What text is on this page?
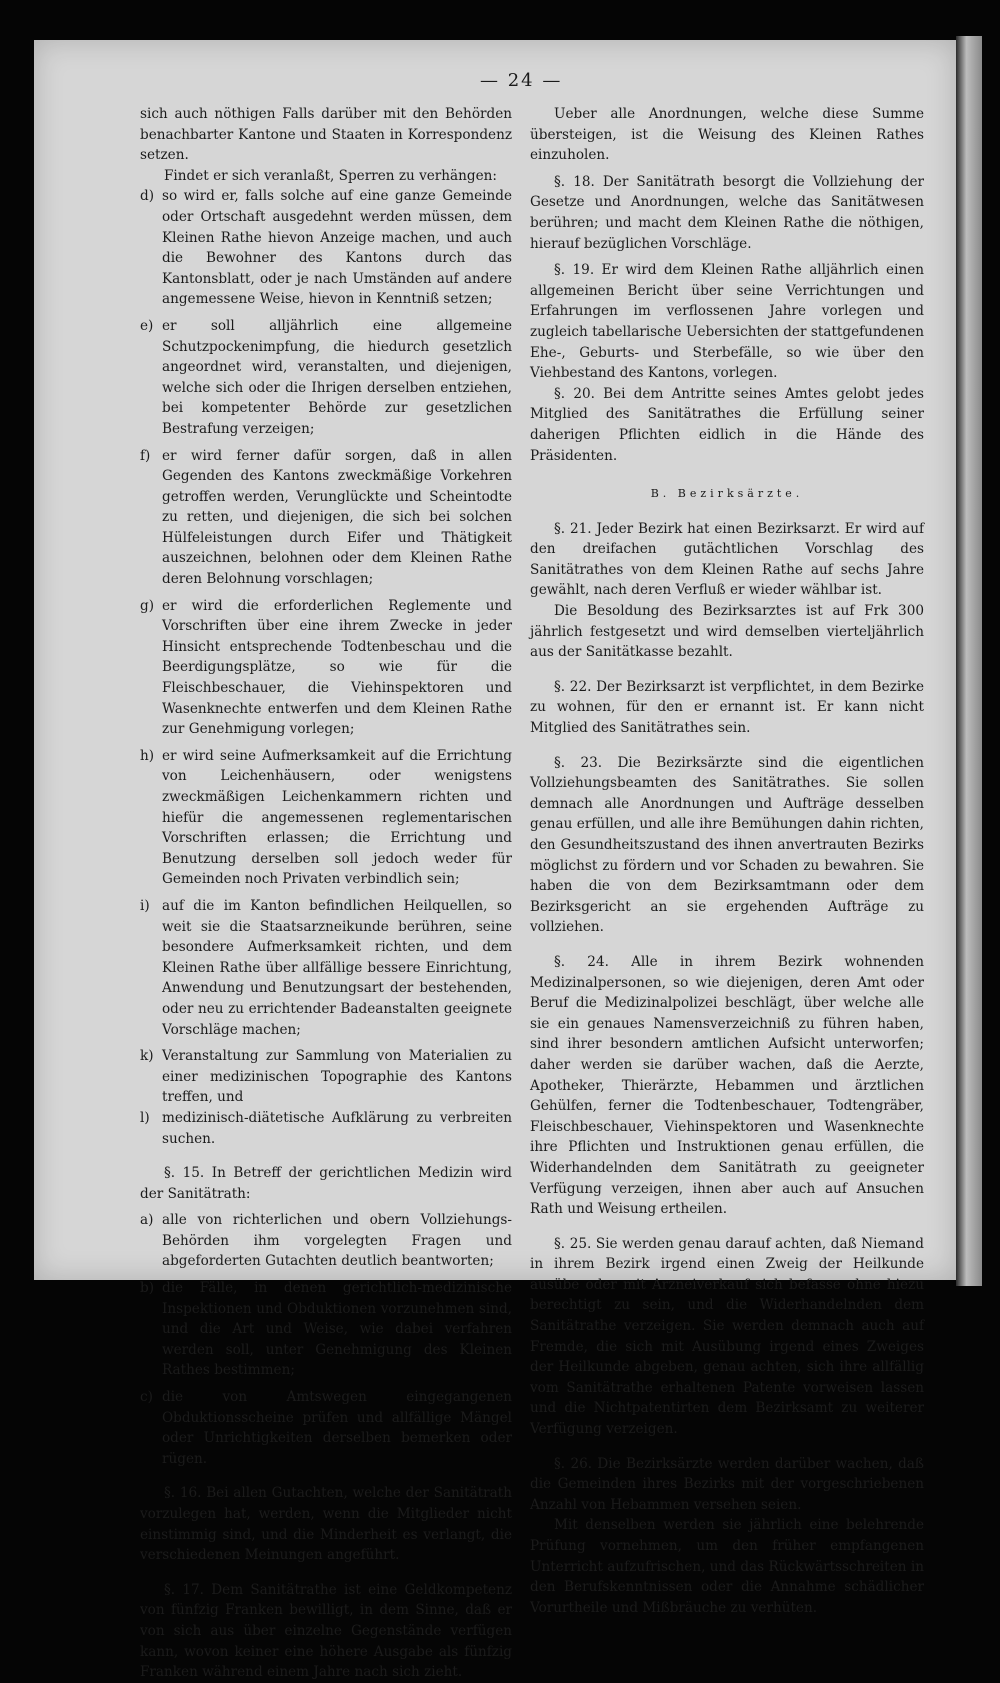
— 24 —

sich auch nöthigen Falls darüber mit den Behörden benachbarter Kantone und Staaten in Korrespondenz setzen.

Findet er sich veranlaßt, Sperren zu verhängen:

d) so wird er, falls solche auf eine ganze Gemeinde oder Ortschaft ausgedehnt werden müssen, dem Kleinen Rathe hievon Anzeige machen, und auch die Bewohner des Kantons durch das Kantonsblatt, oder je nach Umständen auf andere angemessene Weise, hievon in Kenntniß setzen;
e) er soll alljährlich eine allgemeine Schutzpockenimpfung, die hiedurch gesetzlich angeordnet wird, veranstalten, und diejenigen, welche sich oder die Ihrigen derselben entziehen, bei kompetenter Behörde zur gesetzlichen Bestrafung verzeigen;
f) er wird ferner dafür sorgen, daß in allen Gegenden des Kantons zweckmäßige Vorkehren getroffen werden, Verunglückte und Scheintodte zu retten, und diejenigen, die sich bei solchen Hülfeleistungen durch Eifer und Thätigkeit auszeichnen, belohnen oder dem Kleinen Rathe deren Belohnung vorschlagen;
g) er wird die erforderlichen Reglemente und Vorschriften über eine ihrem Zwecke in jeder Hinsicht entsprechende Todtenbeschau und die Beerdigungsplätze, so wie für die Fleischbeschauer, die Viehinspektoren und Wasenknechte entwerfen und dem Kleinen Rathe zur Genehmigung vorlegen;
h) er wird seine Aufmerksamkeit auf die Errichtung von Leichenhäusern, oder wenigstens zweckmäßigen Leichenkammern richten und hiefür die angemessenen reglementarischen Vorschriften erlassen; die Errichtung und Benutzung derselben soll jedoch weder für Gemeinden noch Privaten verbindlich sein;
i) auf die im Kanton befindlichen Heilquellen, so weit sie die Staatsarzneikunde berühren, seine besondere Aufmerksamkeit richten, und dem Kleinen Rathe über allfällige bessere Einrichtung, Anwendung und Benutzungsart der bestehenden, oder neu zu errichtender Badeanstalten geeignete Vorschläge machen;
k) Veranstaltung zur Sammlung von Materialien zu einer medizinischen Topographie des Kantons treffen, und
l) medizinisch-diätetische Aufklärung zu verbreiten suchen.

§. 15. In Betreff der gerichtlichen Medizin wird der Sanitätrath:

a) alle von richterlichen und obern Vollziehungs-Behörden ihm vorgelegten Fragen und abgeforderten Gutachten deutlich beantworten;
b) die Fälle, in denen gerichtlich-medizinische Inspektionen und Obduktionen vorzunehmen sind, und die Art und Weise, wie dabei verfahren werden soll, unter Genehmigung des Kleinen Rathes bestimmen;
c) die von Amtswegen eingegangenen Obduktionsscheine prüfen und allfällige Mängel oder Unrichtigkeiten derselben bemerken oder rügen.

§. 16. Bei allen Gutachten, welche der Sanitätrath vorzulegen hat, werden, wenn die Mitglieder nicht einstimmig sind, und die Minderheit es verlangt, die verschiedenen Meinungen angeführt.

§. 17. Dem Sanitätrathe ist eine Geldkompetenz von fünfzig Franken bewilligt, in dem Sinne, daß er von sich aus über einzelne Gegenstände verfügen kann, wovon keiner eine höhere Ausgabe als fünfzig Franken während einem Jahre nach sich zieht.

Ueber alle Anordnungen, welche diese Summe übersteigen, ist die Weisung des Kleinen Rathes einzuholen.

§. 18. Der Sanitätrath besorgt die Vollziehung der Gesetze und Anordnungen, welche das Sanitätwesen berühren; und macht dem Kleinen Rathe die nöthigen, hierauf bezüglichen Vorschläge.

§. 19. Er wird dem Kleinen Rathe alljährlich einen allgemeinen Bericht über seine Verrichtungen und Erfahrungen im verflossenen Jahre vorlegen und zugleich tabellarische Uebersichten der stattgefundenen Ehe-, Geburts- und Sterbefälle, so wie über den Viehbestand des Kantons, vorlegen.

§. 20. Bei dem Antritte seines Amtes gelobt jedes Mitglied des Sanitätrathes die Erfüllung seiner daherigen Pflichten eidlich in die Hände des Präsidenten.

B. Bezirksärzte.

§. 21. Jeder Bezirk hat einen Bezirksarzt. Er wird auf den dreifachen gutächtlichen Vorschlag des Sanitätrathes von dem Kleinen Rathe auf sechs Jahre gewählt, nach deren Verfluß er wieder wählbar ist.

Die Besoldung des Bezirksarztes ist auf Frk 300 jährlich festgesetzt und wird demselben vierteljährlich aus der Sanitätkasse bezahlt.

§. 22. Der Bezirksarzt ist verpflichtet, in dem Bezirke zu wohnen, für den er ernannt ist. Er kann nicht Mitglied des Sanitätrathes sein.

§. 23. Die Bezirksärzte sind die eigentlichen Vollziehungsbeamten des Sanitätrathes. Sie sollen demnach alle Anordnungen und Aufträge desselben genau erfüllen, und alle ihre Bemühungen dahin richten, den Gesundheitszustand des ihnen anvertrauten Bezirks möglichst zu fördern und vor Schaden zu bewahren. Sie haben die von dem Bezirksamtmann oder dem Bezirksgericht an sie ergehenden Aufträge zu vollziehen.

§. 24. Alle in ihrem Bezirk wohnenden Medizinalpersonen, so wie diejenigen, deren Amt oder Beruf die Medizinalpolizei beschlägt, über welche alle sie ein genaues Namensverzeichniß zu führen haben, sind ihrer besondern amtlichen Aufsicht unterworfen; daher werden sie darüber wachen, daß die Aerzte, Apotheker, Thierärzte, Hebammen und ärztlichen Gehülfen, ferner die Todtenbeschauer, Todtengräber, Fleischbeschauer, Viehinspektoren und Wasenknechte ihre Pflichten und Instruktionen genau erfüllen, die Widerhandelnden dem Sanitätrath zu geeigneter Verfügung verzeigen, ihnen aber auch auf Ansuchen Rath und Weisung ertheilen.

§. 25. Sie werden genau darauf achten, daß Niemand in ihrem Bezirk irgend einen Zweig der Heilkunde ausübe oder mit Arzneiverkauf sich befasse ohne hiezu berechtigt zu sein, und die Widerhandelnden dem Sanitätrathe verzeigen. Sie werden demnach auch auf Fremde, die sich mit Ausübung irgend eines Zweiges der Heilkunde abgeben, genau achten, sich ihre allfällig vom Sanitätrathe erhaltenen Patente vorweisen lassen und die Nichtpatentirten dem Bezirksamt zu weiterer Verfügung verzeigen.

§. 26. Die Bezirksärzte werden darüber wachen, daß die Gemeinden ihres Bezirks mit der vorgeschriebenen Anzahl von Hebammen versehen seien.

Mit denselben werden sie jährlich eine belehrende Prüfung vornehmen, um den früher empfangenen Unterricht aufzufrischen, und das Rückwärtsschreiten in den Berufskenntnissen oder die Annahme schädlicher Vorurtheile und Mißbräuche zu verhüten.
